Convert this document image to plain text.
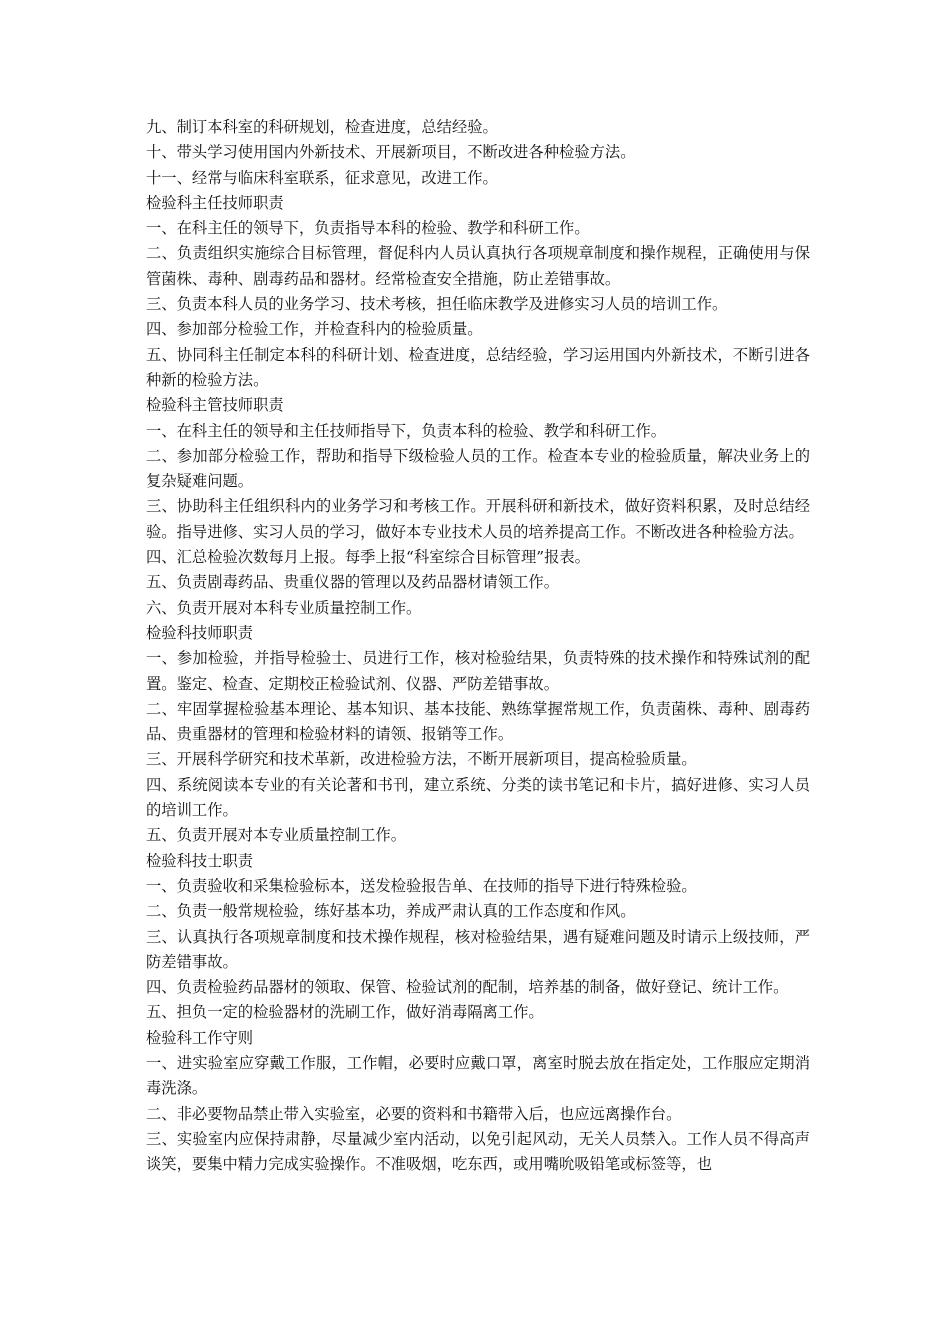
九、制订本科室的科研规划，检查进度，总结经验。

十、带头学习使用国内外新技术、开展新项目，不断改进各种检验方法。

十一、经常与临床科室联系，征求意见，改进工作。

检验科主任技师职责

一、在科主任的领导下，负责指导本科的检验、教学和科研工作。

二、负责组织实施综合目标管理，督促科内人员认真执行各项规章制度和操作规程，正确使用与保管菌株、毒种、剧毒药品和器材。经常检查安全措施，防止差错事故。

三、负责本科人员的业务学习、技术考核，担任临床教学及进修实习人员的培训工作。

四、参加部分检验工作，并检查科内的检验质量。

五、协同科主任制定本科的科研计划、检查进度，总结经验，学习运用国内外新技术，不断引进各种新的检验方法。

检验科主管技师职责

一、在科主任的领导和主任技师指导下，负责本科的检验、教学和科研工作。

二、参加部分检验工作，帮助和指导下级检验人员的工作。检查本专业的检验质量，解决业务上的复杂疑难问题。

三、协助科主任组织科内的业务学习和考核工作。开展科研和新技术，做好资料积累，及时总结经验。指导进修、实习人员的学习，做好本专业技术人员的培养提高工作。不断改进各种检验方法。

四、汇总检验次数每月上报。每季上报“科室综合目标管理”报表。

五、负责剧毒药品、贵重仪器的管理以及药品器材请领工作。

六、负责开展对本科专业质量控制工作。

检验科技师职责

一、参加检验，并指导检验士、员进行工作，核对检验结果，负责特殊的技术操作和特殊试剂的配置。鉴定、检查、定期校正检验试剂、仪器、严防差错事故。

二、牢固掌握检验基本理论、基本知识、基本技能、熟练掌握常规工作，负责菌株、毒种、剧毒药品、贵重器材的管理和检验材料的请领、报销等工作。

三、开展科学研究和技术革新，改进检验方法，不断开展新项目，提高检验质量。

四、系统阅读本专业的有关论著和书刊，建立系统、分类的读书笔记和卡片，搞好进修、实习人员的培训工作。

五、负责开展对本专业质量控制工作。

检验科技士职责

一、负责验收和采集检验标本，送发检验报告单、在技师的指导下进行特殊检验。

二、负责一般常规检验，练好基本功，养成严肃认真的工作态度和作风。

三、认真执行各项规章制度和技术操作规程，核对检验结果，遇有疑难问题及时请示上级技师，严防差错事故。

四、负责检验药品器材的领取、保管、检验试剂的配制，培养基的制备，做好登记、统计工作。

五、担负一定的检验器材的洗刷工作，做好消毒隔离工作。

检验科工作守则

一、进实验室应穿戴工作服，工作帽，必要时应戴口罩，离室时脱去放在指定处，工作服应定期消毒洗涤。

二、非必要物品禁止带入实验室，必要的资料和书籍带入后，也应远离操作台。

三、实验室内应保持肃静，尽量减少室内活动，以免引起风动，无关人员禁入。工作人员不得高声谈笑，要集中精力完成实验操作。不准吸烟，吃东西，或用嘴吮吸铅笔或标签等，也
